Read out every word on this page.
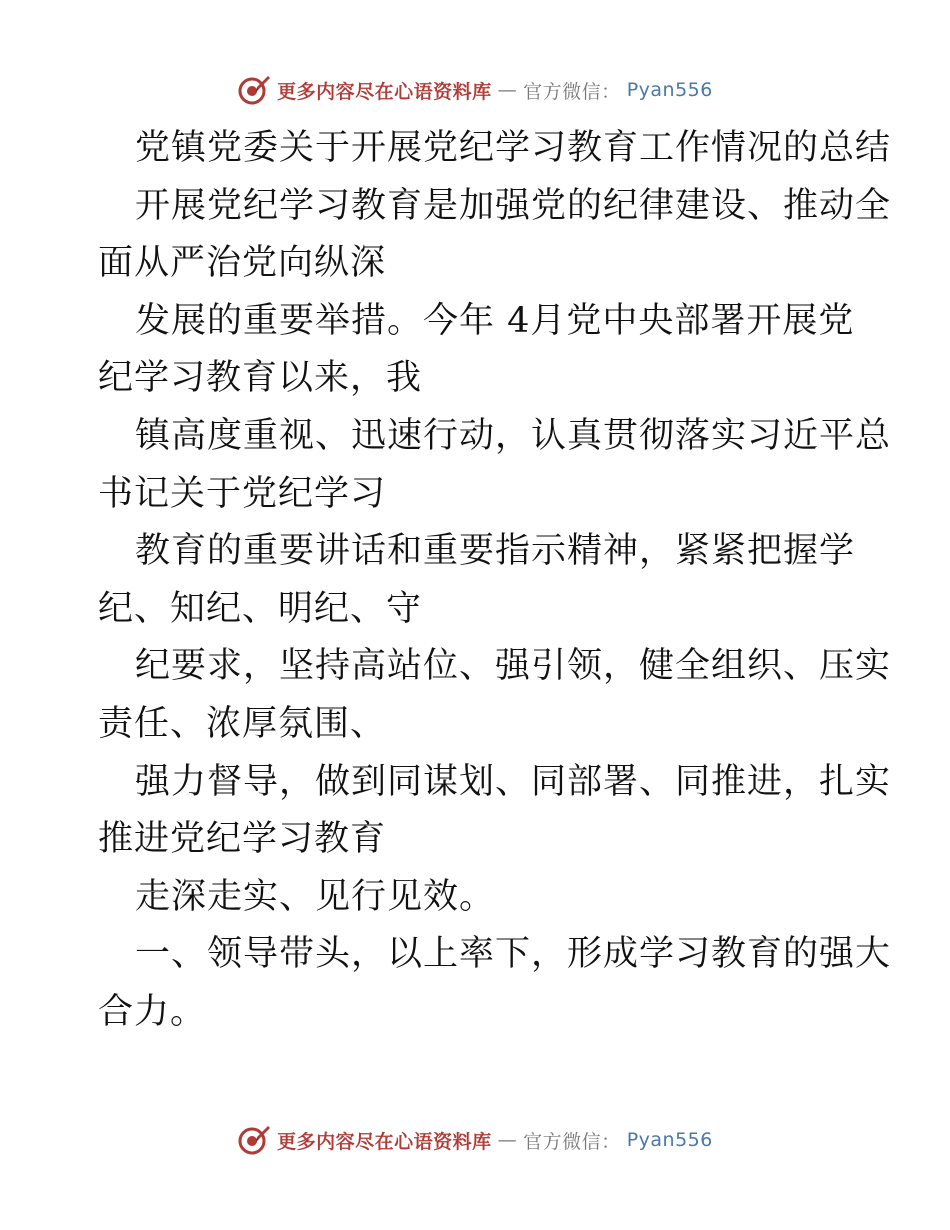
更多内容尽在心语资料库 — 官方微信： Pyan556
党镇党委关于开展党纪学习教育工作情况的总结
开展党纪学习教育是加强党的纪律建设、推动全
面从严治党向纵深
发展的重要举措。今年 4月党中央部署开展党
纪学习教育以来，我
镇高度重视、迅速行动，认真贯彻落实习近平总
书记关于党纪学习
教育的重要讲话和重要指示精神，紧紧把握学
纪、知纪、明纪、守
纪要求，坚持高站位、强引领，健全组织、压实
责任、浓厚氛围、
强力督导，做到同谋划、同部署、同推进，扎实
推进党纪学习教育
走深走实、见行见效。
一、领导带头，以上率下，形成学习教育的强大
合力。
更多内容尽在心语资料库 — 官方微信： Pyan556
